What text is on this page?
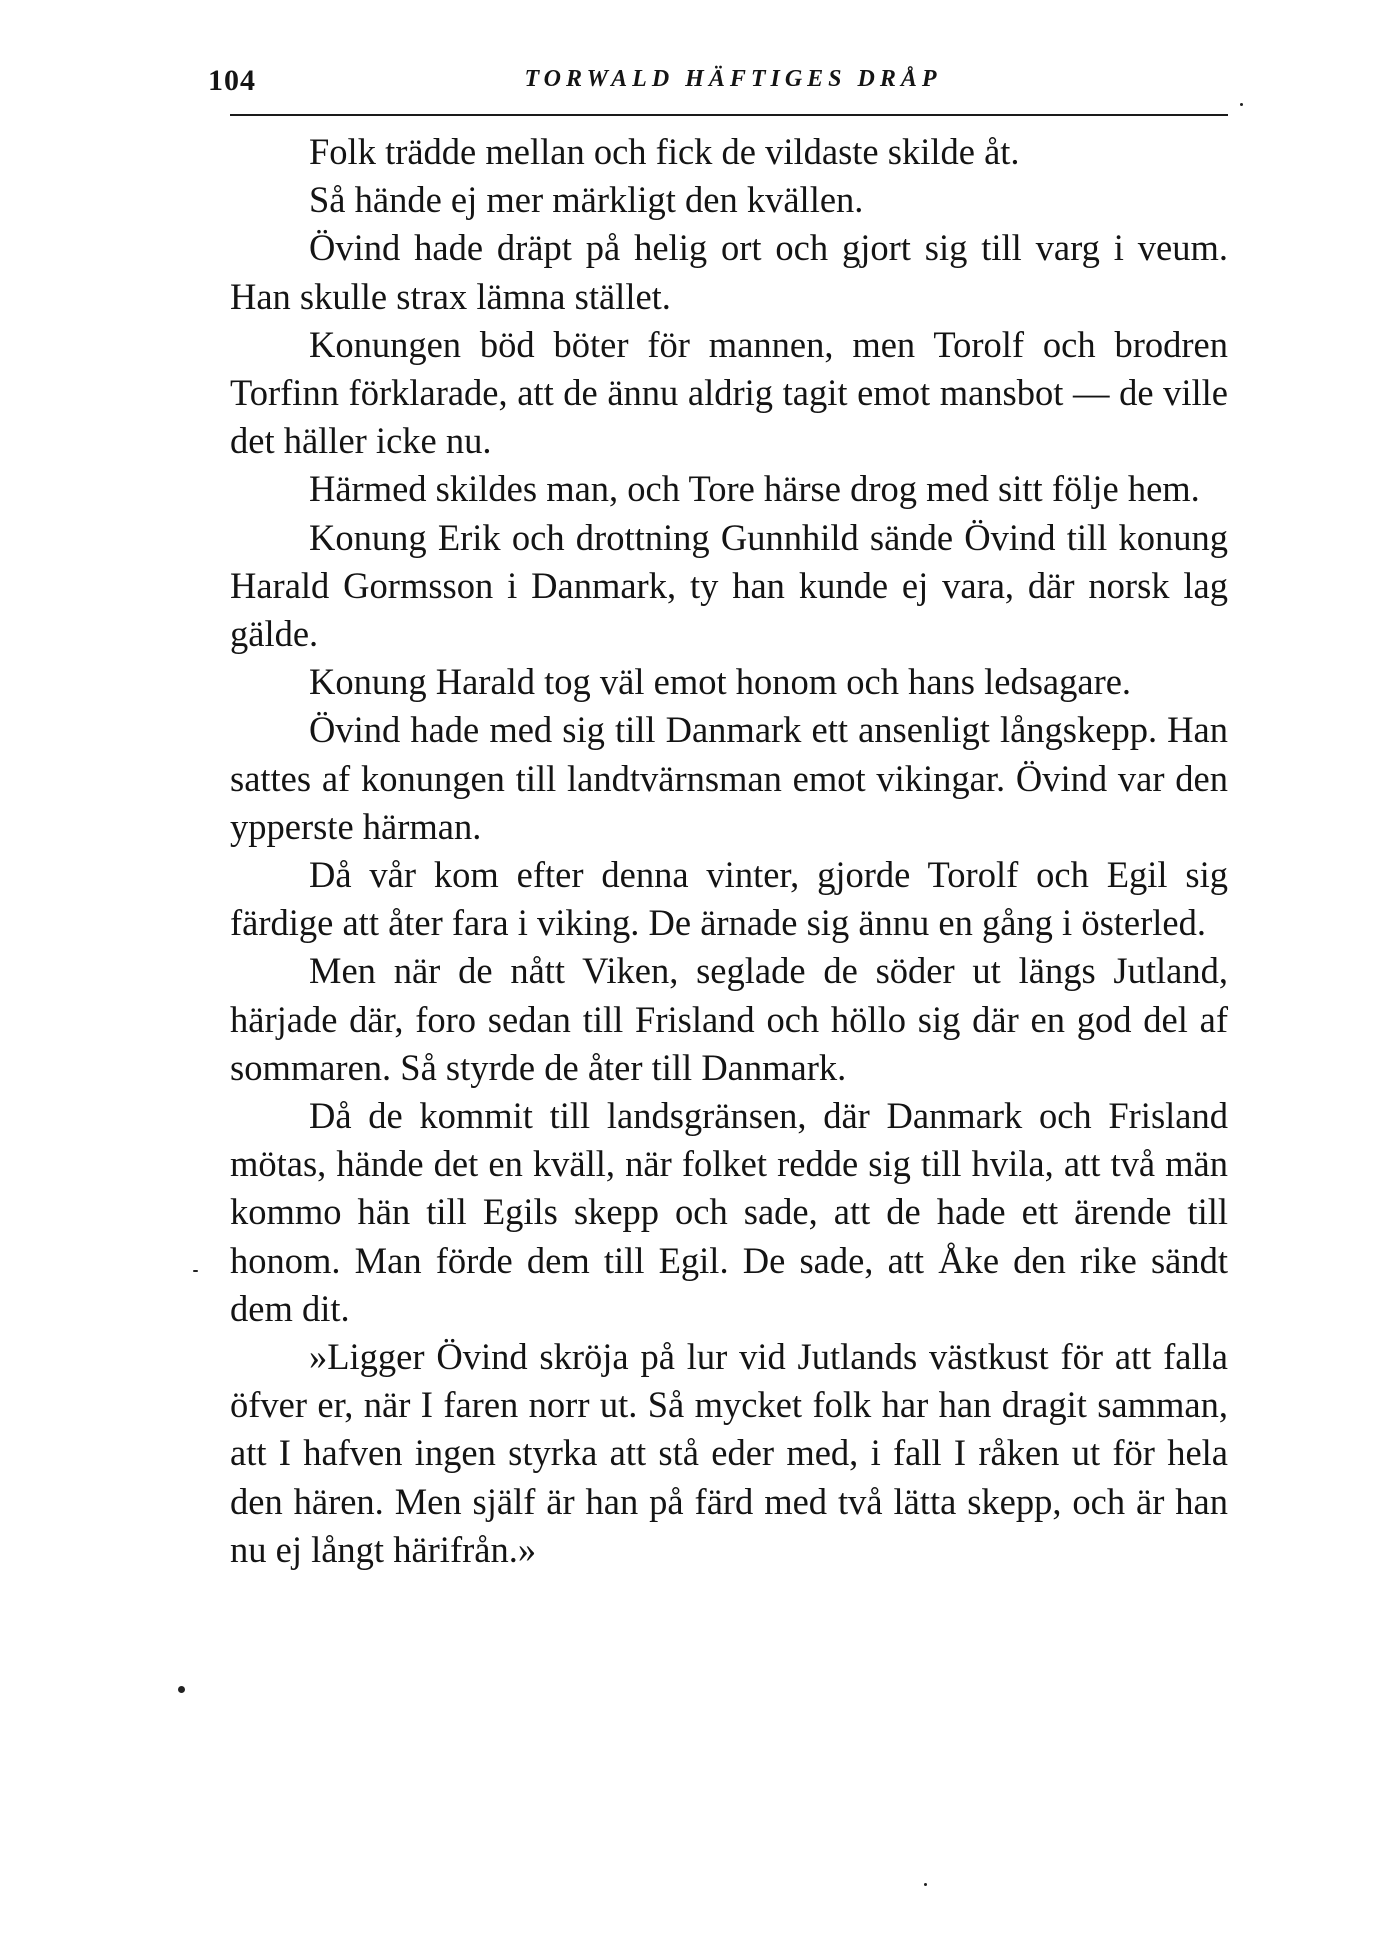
104	TORWALD HÄFTIGES DRÅP

Folk trädde mellan och fick de vildaste skilde åt.

Så hände ej mer märkligt den kvällen.

Övind hade dräpt på helig ort och gjort sig till varg i veum. Han skulle strax lämna stället.

Konungen böd böter för mannen, men Torolf och brodren Torfinn förklarade, att de ännu aldrig tagit emot mansbot — de ville det häller icke nu.

Härmed skildes man, och Tore härse drog med sitt följe hem.

Konung Erik och drottning Gunnhild sände Övind till konung Harald Gormsson i Danmark, ty han kunde ej vara, där norsk lag gälde.

Konung Harald tog väl emot honom och hans ledsagare.

Övind hade med sig till Danmark ett ansenligt långskepp. Han sattes af konungen till landtvärnsman emot vikingar. Övind var den ypperste härman.

Då vår kom efter denna vinter, gjorde Torolf och Egil sig färdige att åter fara i viking. De ärnade sig ännu en gång i österled.

Men när de nått Viken, seglade de söder ut längs Jutland, härjade där, foro sedan till Frisland och höllo sig där en god del af sommaren. Så styrde de åter till Danmark.

Då de kommit till landsgränsen, där Danmark och Frisland mötas, hände det en kväll, när folket redde sig till hvila, att två män kommo hän till Egils skepp och sade, att de hade ett ärende till honom. Man förde dem till Egil. De sade, att Åke den rike sändt dem dit.

»Ligger Övind skröja på lur vid Jutlands västkust för att falla öfver er, när I faren norr ut. Så mycket folk har han dragit samman, att I hafven ingen styrka att stå eder med, i fall I råken ut för hela den hären. Men själf är han på färd med två lätta skepp, och är han nu ej långt härifrån.»
